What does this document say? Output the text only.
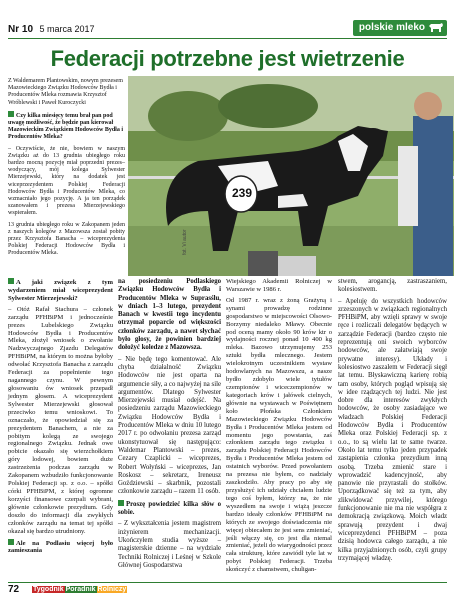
Nr 10 5 marca 2017	polskie mleko
Federacji potrzebne jest wietrzenie

Z Waldemarem Plantowskim, nowym prezesem Mazowieckiego Związku Hodowców Bydła i Producentów Mleka rozmawia Krzysztof Wróblewski i Paweł Kuroczycki

Czy kilka miesięcy temu brał pan pod uwagę możliwość, że będzie pan kierował Mazowieckim Związkiem Hodowców Bydła i Producentów Mleka?

– Oczywiście, że nie, bowiem w naszym Związku aż do 13 grudnia ubiegłego roku bardzo mocną pozycję miał poprzedni prezes–wodyczący, mój kolega Sylwester Mierzejewski, który na dodatek jest wiceprzezydentem Polskiej Federacji Hodowców Bydła i Producentów Mleka, co wzmacniało jego pozycję. A ja ten porządek szanowałem i prezesa Mierzejewskiego wspierałem.

13 grudnia ubiegłego roku w Zakopanem jeden z naszych kolegów z Mazowsza został pobity przez Krzysztofa Banacha – wiceprezydenta Polskiej Federacji Hodowców Bydła i Producentów Mleka.

239
fot. Vi autor

A jaki związek z tym wydarzeniem miał wiceprezydent Sylwester Mierzejewski?

– Otóż Rafał Stachura – członek zarządu PFHBiPM i jednocześnie prezes Lubelskiego Związku Hodowców Bydła i Producentów Mleka, złożył wniosek o zwołanie Nadzwyczajnego Zjazdu Delegatów PFHBiPM, na którym to można byłoby odwołać Krzysztofa Banacha z zarządu Federacji za popełnienie tego nagannego czynu. W pewnym głosowaniu ów wniosek przepadł jednym głosem. A wiceprezydent Sylwester Mierzejewski głosował przeciwko temu wnioskowi. To oznaczało, że opowiedział się za prezydentem Banachem, a nie za pobitym kolegą ze swojego regionalnego Związku. Jednak owe pobicie okazało się wierzchołkiem góry lodowej, bowiem duże zastrzeżenia podczas zarządu w Zakopanem wzbudziło funkcjonowanie Polskiej Federacji sp. z o.o. – spółki córki PFHBiPM, z której ogromne korzyści finansowe czerpali wybrani, głównie członkowie prezydium. Gdy doszło do informacji dla zwykłych członków zarządu na temat tej spółki okazał się bardzo utrudniony.

Ale na Podlasiu więcej było zamieszania

na posiedzeniu Podlaskiego Związku Hodowców Bydła i Producentów Mleka w Suprasślu, w dniach 1–3 lutego, prezydent Banach w kwestii tego incydentu otrzymał poparcie od większości członków zarządu, a nawet słychać było głosy, że powinien bardziej dołożyć koledze z Mazowsza.

– Nie będę tego komentować. Ale chyba działalność Związku Hodowców nie jest oparta na argumencie siły, a co najwyżej na sile argumentów. Dlatego Sylwester Mierzejewski musiał odejść. Na posiedzeniu zarządu Mazowieckiego Związku Hodowców Bydła i Producentów Mleka w dniu 10 lutego 2017 r. po odwołaniu prezesa zarząd ukonstytuował się następująco: Waldemar Plantowski – prezes, Cezary Czaplicki – wiceprezes, Robert Wołyński – wiceprezes, Jan Roskosz – sekretarz, Ireneusz Goździewski – skarbnik, pozostali członkowie zarządu – razem 11 osób.

Proszę powiedzieć kilka słów o sobie.

– Z wykształcenia jestem magistrem inżynierem mechanizacji. Ukończyłem studia wyższe – magisterskie dzienne – na wydziale Techniki Rolniczej i Leśnej w Szkole Głównej Gospodarstwa

Wiejskiego Akademii Rolniczej w Warszawie w 1986 r.

Od 1987 r. wraz z żoną Grażyną i synami prowadzę rodzinne gospodarstwo w miejscowości Olsowo-Borzymy niedaleko Mławy. Obecnie pod oceną mamy około 90 krów ktr o wydajności rocznej ponad 10 400 kg mleka. Bazowo utrzymujemy 253 sztuki bydła mlecznego. Jestem wielokrotnym uczestnikiem wystaw hodowlanych na Mazowszu, a nasze bydło zdobyło wiele tytułów czempionów i wiceczempionów w kategoriach krów i jałówek cielnych, głównie na wystawach w Poświętnem koło Płońska Członkiem Mazowieckiego Związku Hodowców Bydła i Producentów Mleka jestem od momentu jego powstania, zaś członkiem zarządu tego związku i zarządu Polskiej Federacji Hodowców Bydła i Producentów Mleka jestem od ostatnich wyborów. Przed powołaniem na prezesa nie byłem, co nadziały zaszkodziło. Aby pracy po aby się przysłużyć ich udziały chciałem ludzie tego coś byłem, którzy na, że nie wyszedłem na swoje i wiążą jeszcze bardzo ideały członków PFHBiPM na których ze swojego doświadczenia nie więcej obiecałem że jest sens zmieniać, jeśli włączy się, co jest dla niemal zmieniać, jeżeli do wiarygodności przez cała strukturę, które zawiódł tyle lat w pobyt Polskiej Federacji. Trzeba skończyć z chamstwem, chuligan-

stwem, arogancją, zastraszaniem, kolesiostwem.

– Apeluję do wszystkich hodowców zrzeszonych w związkach regionalnych PFHBiPM, aby wzięli sprawy w swoje ręce i rozliczali delegatów będących w zarządzie Federacji (bardzo często nie reprezentują oni swoich wyborców hodowców, ale załatwiają swoje prywatne interesy). Układy i kolesiostwo zaszalem w Federacji sięgł lat temu. Błyskawiczną karierę robią tam osoby, których pogląd wpisują się w idee rządzących tej ludzi. Nie jest dobre dla interesów zwykłych hodowców, że osoby zasiadające we władzach Polskiej Federacji Hodowców Bydła i Producentów Mleka oraz Polskiej Federacji sp. z o.o., to są wielu lat te same twarze. Około lat temu tylko jeden przypadek zastąpienia członka prezydium inną osobą. Trzeba zmienić stare i wprowadzić kadencyjność, aby panowie nie przyrastali do stołków. Uporządkować się też za tym, aby zlikwidować przywilej, którego funkcjonowanie nie ma nie współgra z demokracją związkową. Moich władz sprawują prezydent i dwaj wiceprezydenci PFHBiPM – poza dzisią hodowca całego zarządu, a nie kilka przyjaźnionych osób, czyli grupy trzymającej władzę.

72 Tygodnik Poradnik Rolniczy
